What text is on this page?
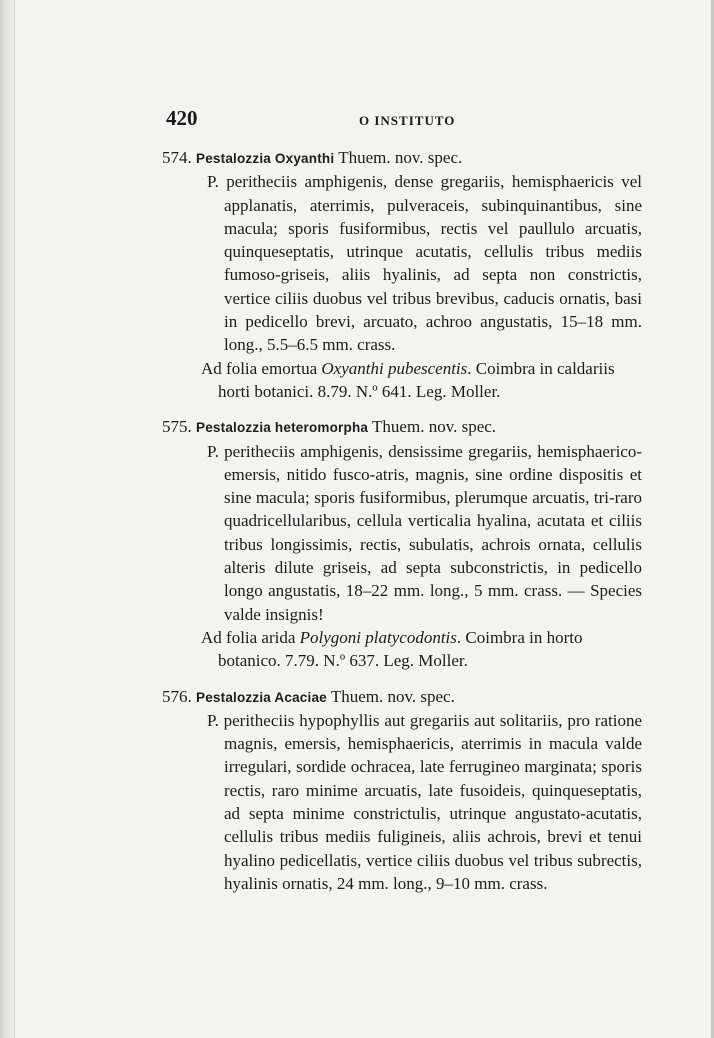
420	O INSTITUTO

574. Pestalozzia Oxyanthi Thuem. nov. spec.

P. peritheciis amphigenis, dense gregariis, hemisphaericis vel applanatis, aterrimis, pulveraceis, subinquinantibus, sine macula; sporis fusiformibus, rectis vel paullulo arcuatis, quinqueseptatis, utrinque acutatis, cellulis tribus mediis fumoso-griseis, aliis hyalinis, ad septa non constrictis, vertice ciliis duobus vel tribus brevibus, caducis ornatis, basi in pedicello brevi, arcuato, achroo angustatis, 15–18 mm. long., 5.5–6.5 mm. crass.

Ad folia emortua Oxyanthi pubescentis. Coimbra in caldariis horti botanici. 8.79. N.º 641. Leg. Moller.

575. Pestalozzia heteromorpha Thuem. nov. spec.

P. peritheciis amphigenis, densissime gregariis, hemisphaerico-emersis, nitido fusco-atris, magnis, sine ordine dispositis et sine macula; sporis fusiformibus, plerumque arcuatis, tri-raro quadricellularibus, cellula verticalia hyalina, acutata et ciliis tribus longissimis, rectis, subulatis, achrois ornata, cellulis alteris dilute griseis, ad septa subconstrictis, in pedicello longo angustatis, 18–22 mm. long., 5 mm. crass. — Species valde insignis!

Ad folia arida Polygoni platycodontis. Coimbra in horto botanico. 7.79. N.º 637. Leg. Moller.

576. Pestalozzia Acaciae Thuem. nov. spec.

P. peritheciis hypophyllis aut gregariis aut solitariis, pro ratione magnis, emersis, hemisphaericis, aterrimis in macula valde irregulari, sordide ochracea, late ferrugineo marginata; sporis rectis, raro minime arcuatis, late fusoideis, quinqueseptatis, ad septa minime constrictulis, utrinque angustato-acutatis, cellulis tribus mediis fuligineis, aliis achrois, brevi et tenui hyalino pedicellatis, vertice ciliis duobus vel tribus subrectis, hyalinis ornatis, 24 mm. long., 9–10 mm. crass.
